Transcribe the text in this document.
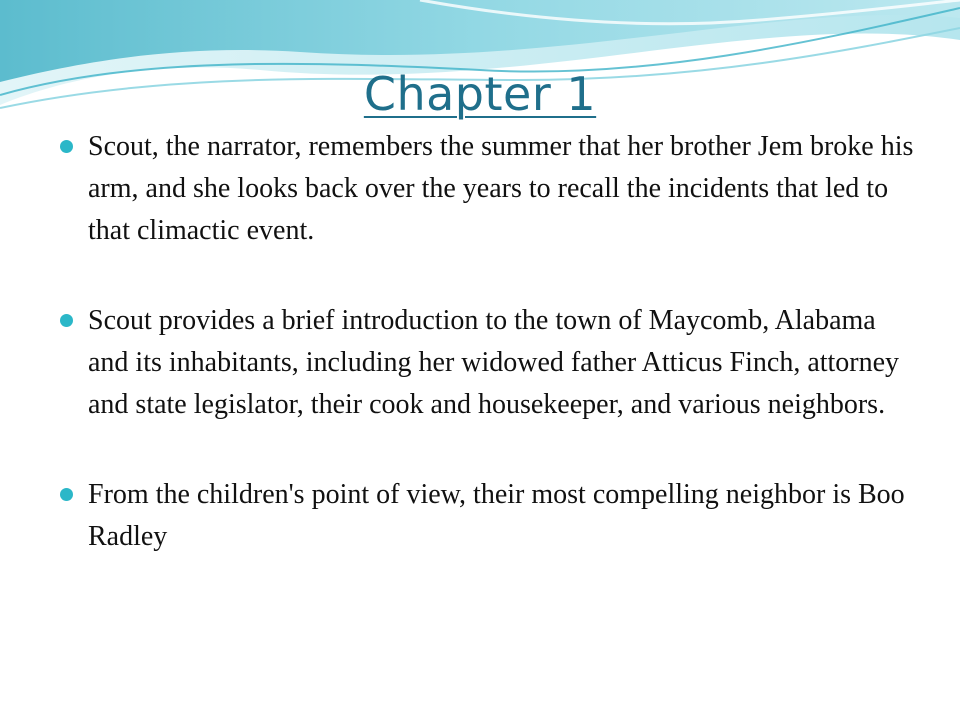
Chapter 1
Scout, the narrator, remembers the summer that her brother Jem broke his arm, and she looks back over the years to recall the incidents that led to that climactic event.
Scout provides a brief introduction to the town of Maycomb, Alabama and its inhabitants, including her widowed father Atticus Finch, attorney and state legislator, their cook and housekeeper, and various neighbors.
From the children's point of view, their most compelling neighbor is Boo Radley
